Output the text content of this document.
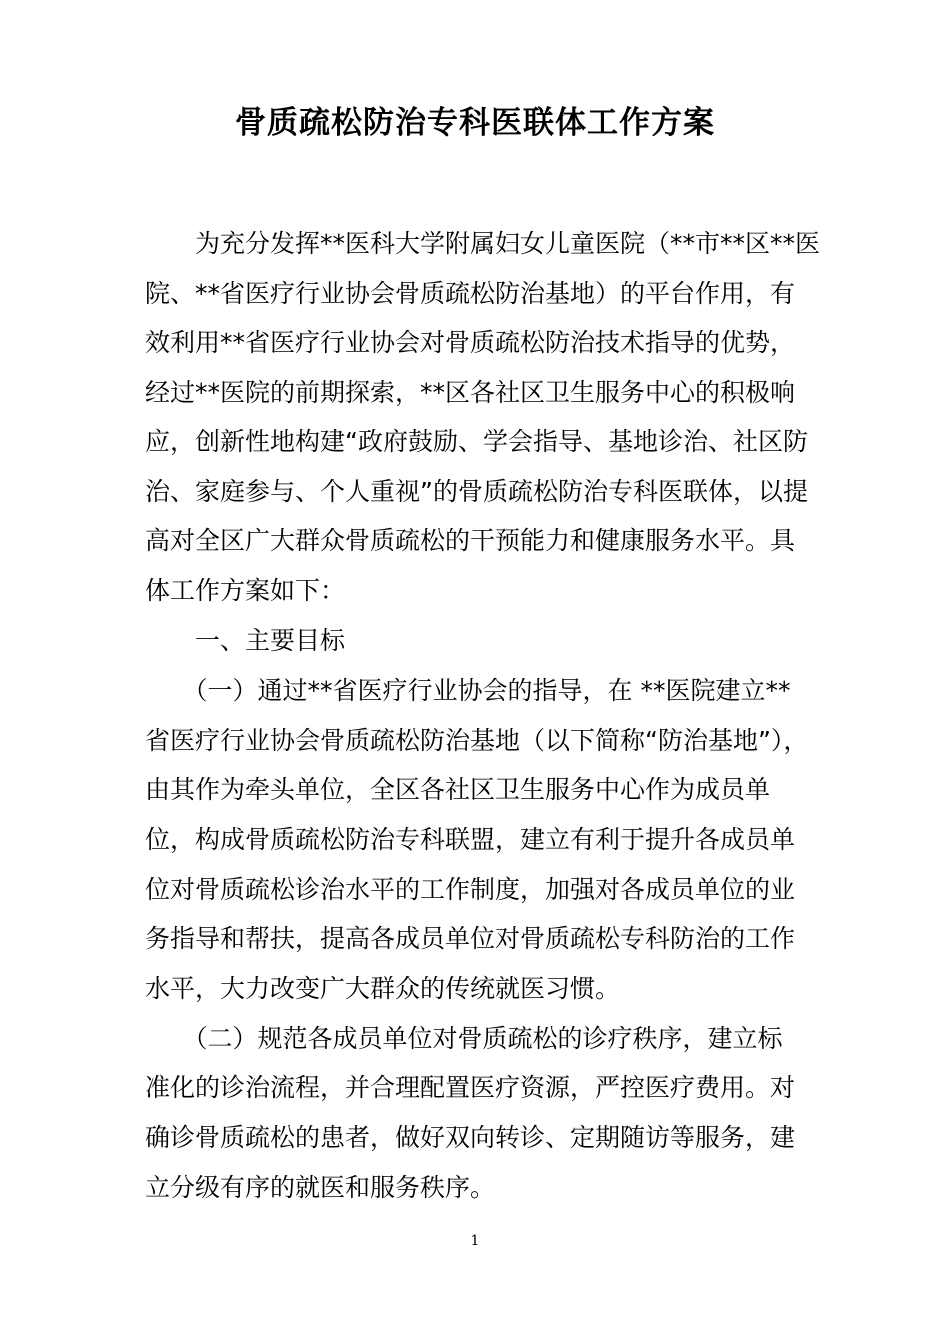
骨质疏松防治专科医联体工作方案
　　为充分发挥**医科大学附属妇女儿童医院（**市**区**医
院、**省医疗行业协会骨质疏松防治基地）的平台作用，有
效利用**省医疗行业协会对骨质疏松防治技术指导的优势，
经过**医院的前期探索，**区各社区卫生服务中心的积极响
应，创新性地构建“政府鼓励、学会指导、基地诊治、社区防
治、家庭参与、个人重视”的骨质疏松防治专科医联体，以提
高对全区广大群众骨质疏松的干预能力和健康服务水平。具
体工作方案如下：
　　一、主要目标
　　（一）通过**省医疗行业协会的指导，在 **医院建立**
省医疗行业协会骨质疏松防治基地（以下简称“防治基地”），
由其作为牵头单位，全区各社区卫生服务中心作为成员单
位，构成骨质疏松防治专科联盟，建立有利于提升各成员单
位对骨质疏松诊治水平的工作制度，加强对各成员单位的业
务指导和帮扶，提高各成员单位对骨质疏松专科防治的工作
水平，大力改变广大群众的传统就医习惯。
　　（二）规范各成员单位对骨质疏松的诊疗秩序，建立标
准化的诊治流程，并合理配置医疗资源，严控医疗费用。对
确诊骨质疏松的患者，做好双向转诊、定期随访等服务，建
立分级有序的就医和服务秩序。
1
